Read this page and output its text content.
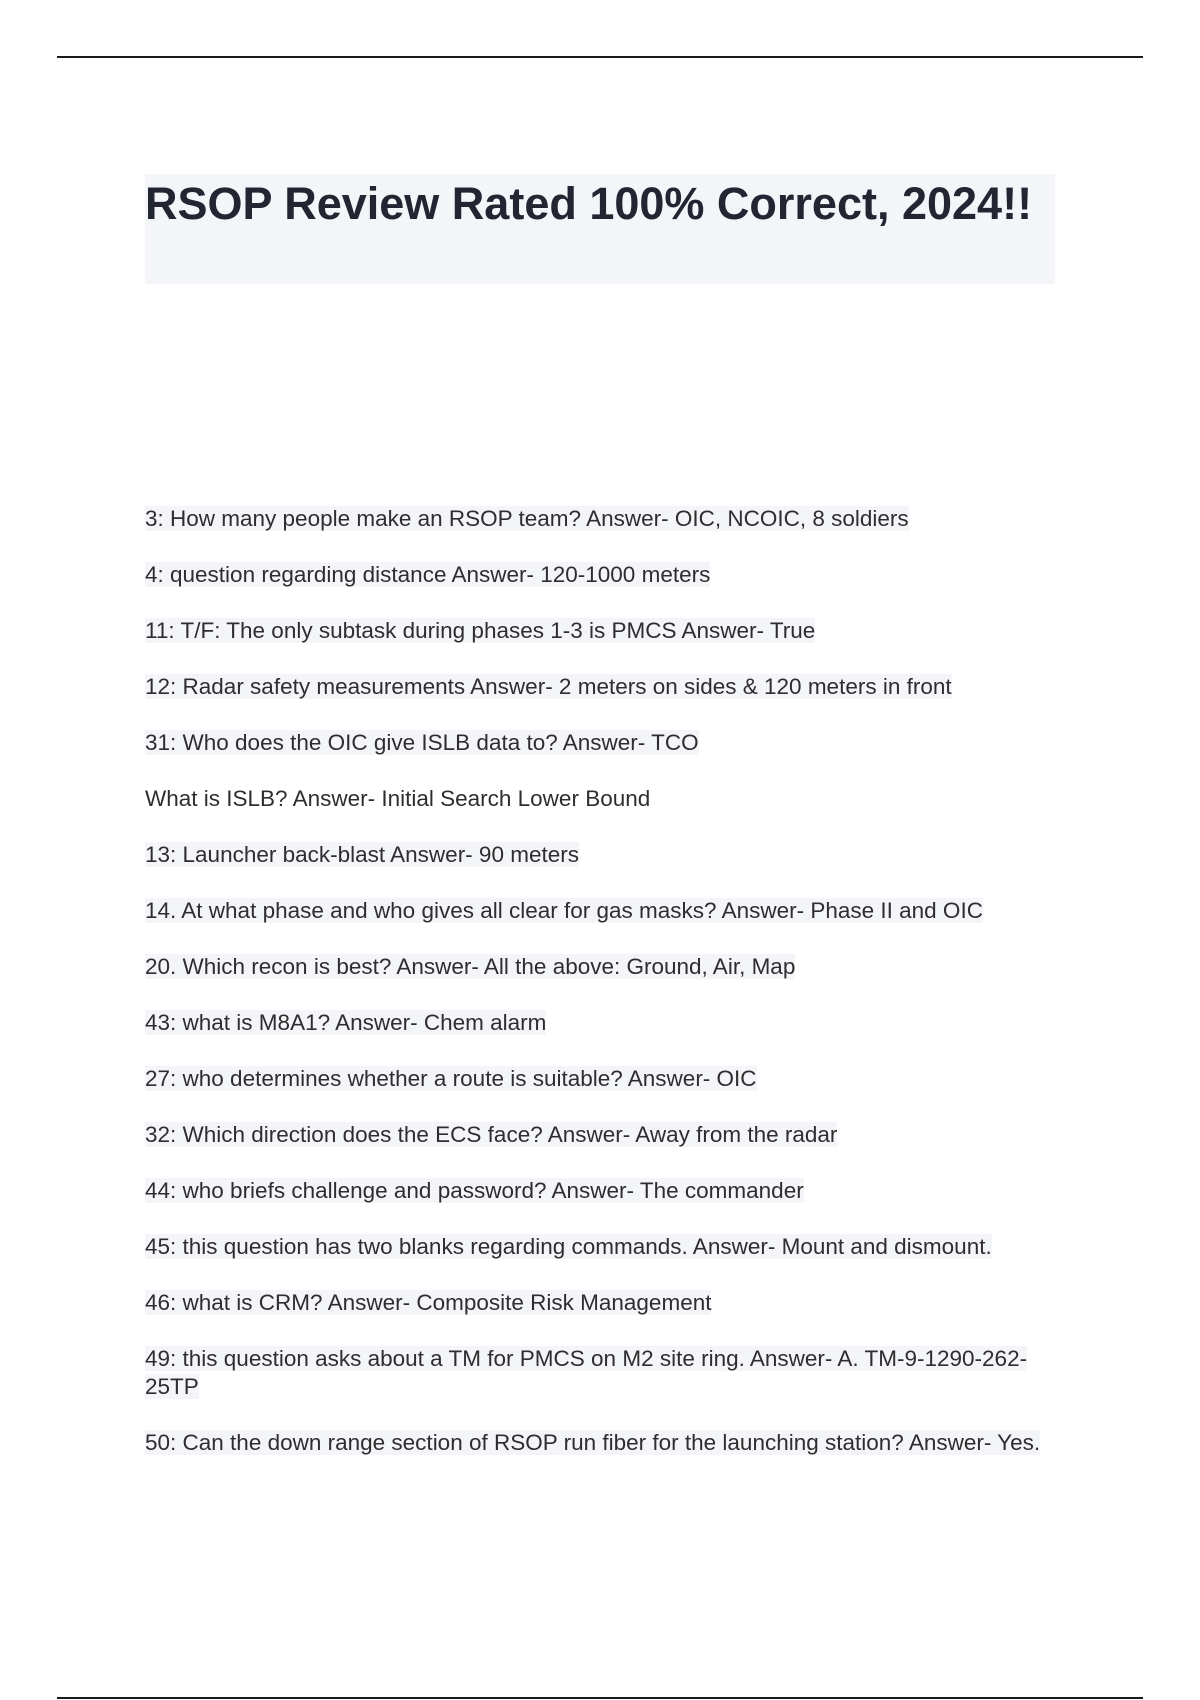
RSOP Review Rated 100% Correct, 2024!!
3: How many people make an RSOP team? Answer- OIC, NCOIC, 8 soldiers
4: question regarding distance Answer- 120-1000 meters
11: T/F: The only subtask during phases 1-3 is PMCS Answer- True
12: Radar safety measurements Answer- 2 meters on sides & 120 meters in front
31: Who does the OIC give ISLB data to? Answer- TCO
What is ISLB? Answer- Initial Search Lower Bound
13: Launcher back-blast Answer- 90 meters
14. At what phase and who gives all clear for gas masks? Answer- Phase II and OIC
20. Which recon is best? Answer- All the above: Ground, Air, Map
43: what is M8A1? Answer- Chem alarm
27: who determines whether a route is suitable? Answer- OIC
32: Which direction does the ECS face? Answer- Away from the radar
44: who briefs challenge and password? Answer- The commander
45: this question has two blanks regarding commands. Answer- Mount and dismount.
46: what is CRM? Answer- Composite Risk Management
49: this question asks about a TM for PMCS on M2 site ring. Answer- A. TM-9-1290-262-25TP
50: Can the down range section of RSOP run fiber for the launching station? Answer- Yes.
